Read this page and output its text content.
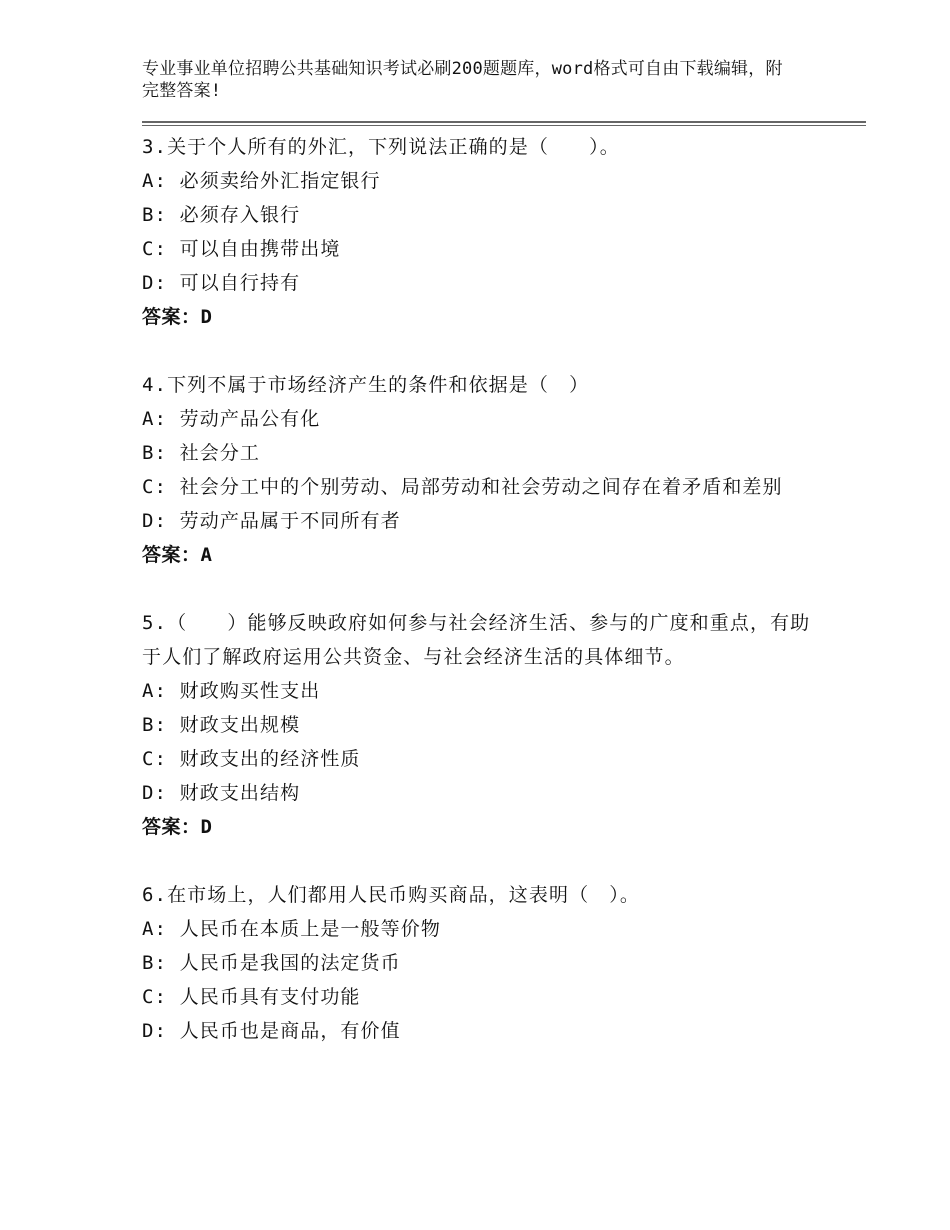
专业事业单位招聘公共基础知识考试必刷200题题库，word格式可自由下载编辑，附完整答案!

3.关于个人所有的外汇，下列说法正确的是（　　）。

A: 必须卖给外汇指定银行

B: 必须存入银行

C: 可以自由携带出境

D: 可以自行持有

答案：D

4.下列不属于市场经济产生的条件和依据是（　）

A: 劳动产品公有化

B: 社会分工

C: 社会分工中的个别劳动、局部劳动和社会劳动之间存在着矛盾和差别

D: 劳动产品属于不同所有者

答案：A

5.（　　）能够反映政府如何参与社会经济生活、参与的广度和重点，有助于人们了解政府运用公共资金、与社会经济生活的具体细节。

A: 财政购买性支出

B: 财政支出规模

C: 财政支出的经济性质

D: 财政支出结构

答案：D

6.在市场上，人们都用人民币购买商品，这表明（　）。

A: 人民币在本质上是一般等价物

B: 人民币是我国的法定货币

C: 人民币具有支付功能

D: 人民币也是商品，有价值
